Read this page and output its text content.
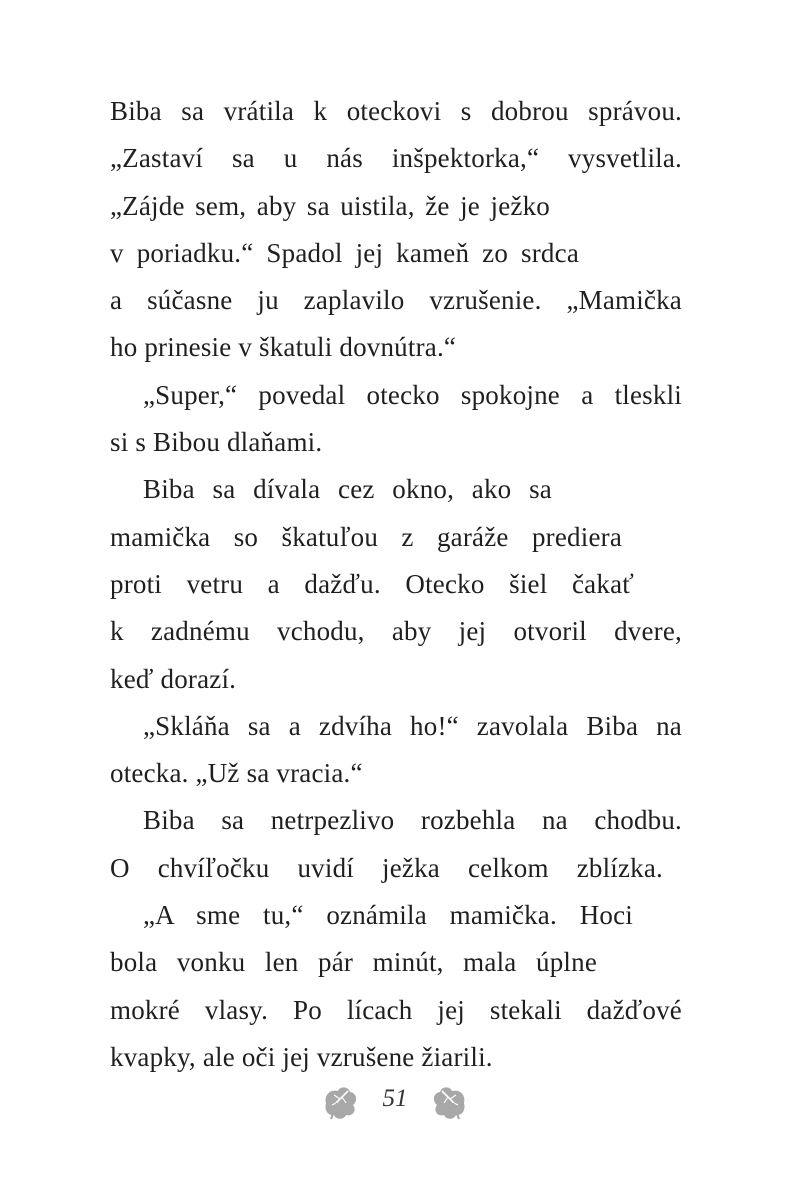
Biba sa vrátila k oteckovi s dobrou správou.
„Zastaví sa u nás inšpektorka,“ vysvetlila.
„Zájde sem, aby sa uistila, že je ježko
v poriadku.“ Spadol jej kameň zo srdca
a súčasne ju zaplavilo vzrušenie. „Mamička
ho prinesie v škatuli dovnútra.“
„Super,“ povedal otecko spokojne a tleskli
si s Bibou dlaňami.
Biba sa dívala cez okno, ako sa
mamička so škatuľou z garáže prediera
proti vetru a dažďu. Otecko šiel čakať
k zadnému vchodu, aby jej otvoril dvere,
keď dorazí.
„Skláňa sa a zdvíha ho!“ zavolala Biba na
otecka. „Už sa vracia.“
Biba sa netrpezlivo rozbehla na chodbu.
O chvíľočku uvidí ježka celkom zblízka.
„A sme tu,“ oznámila mamička. Hoci
bola vonku len pár minút, mala úplne
mokré vlasy. Po lícach jej stekali dažďové
kvapky, ale oči jej vzrušene žiarili.
51
